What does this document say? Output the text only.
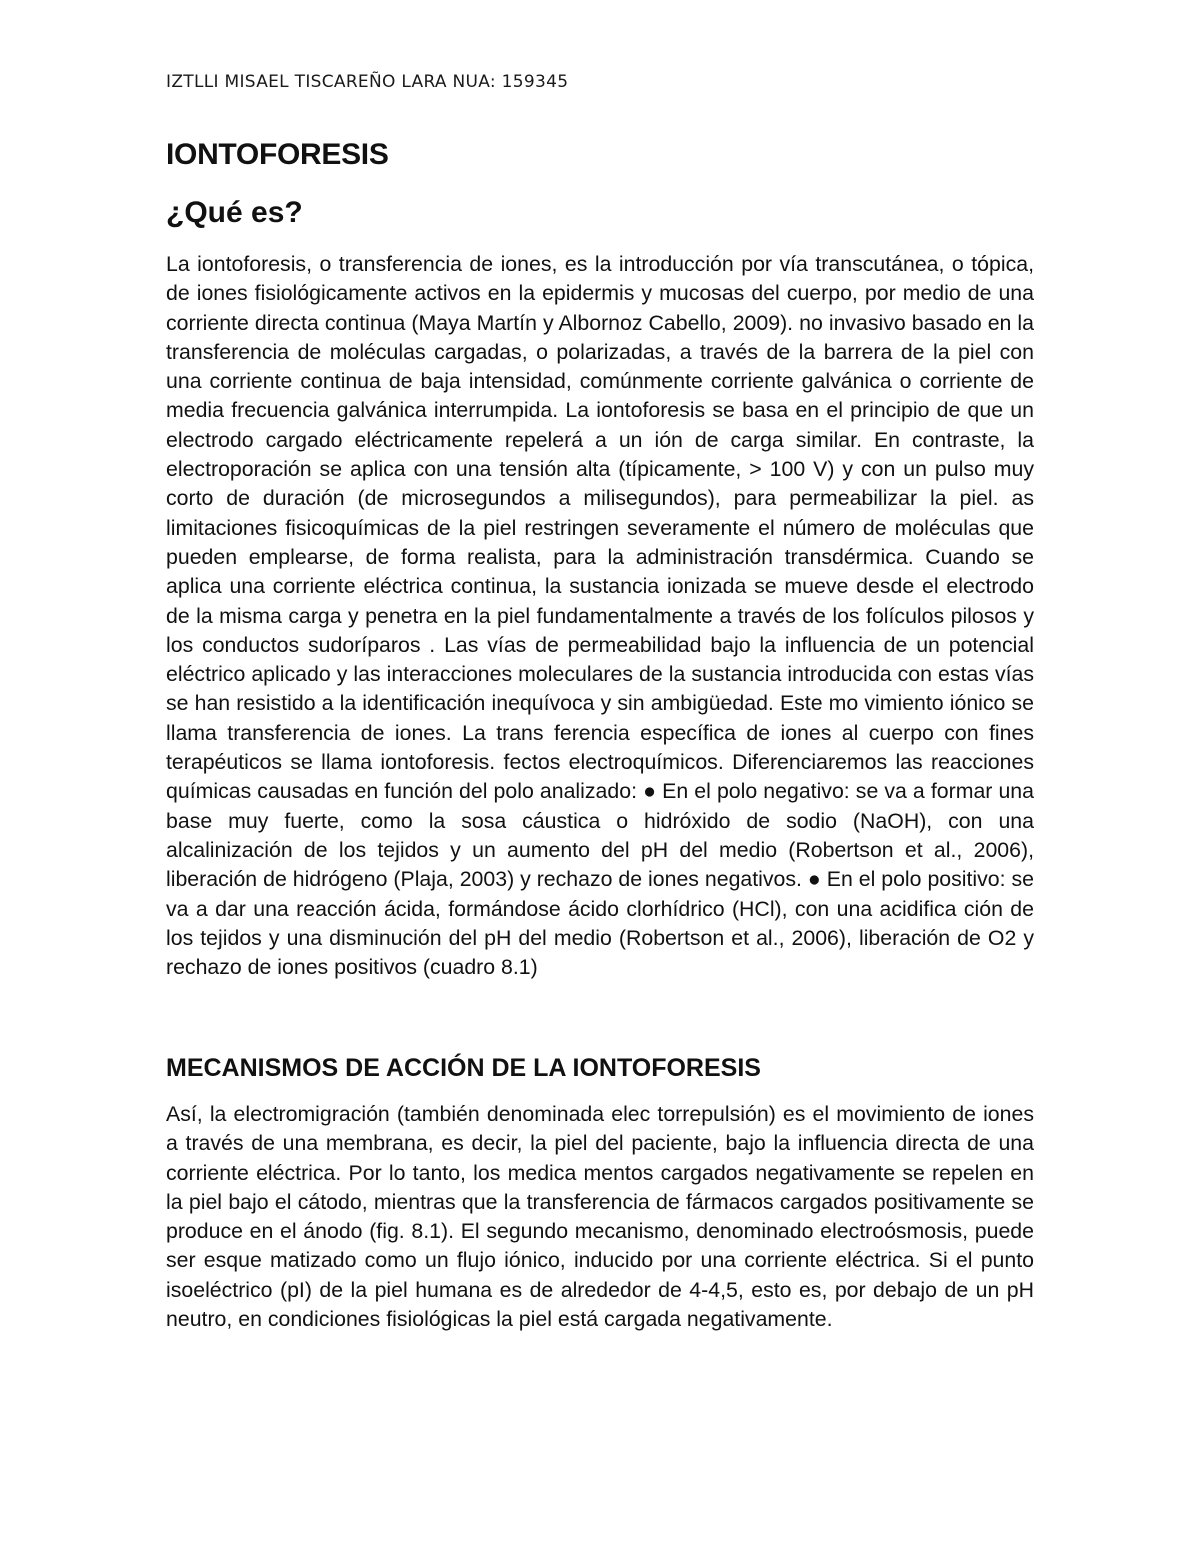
IZTLLI MISAEL TISCAREÑO LARA NUA: 159345
IONTOFORESIS
¿Qué es?

La iontoforesis, o transferencia de iones, es la introducción por vía transcutánea, o tópica, de iones fisiológicamente activos en la epidermis y mucosas del cuerpo, por medio de una corriente directa continua (Maya Martín y Albornoz Cabello, 2009). no invasivo basado en la transferencia de moléculas cargadas, o polarizadas, a través de la barrera de la piel con una corriente continua de baja intensidad, comúnmente corriente galvánica o corriente de media frecuencia galvánica interrumpida. La iontoforesis se basa en el principio de que un electrodo cargado eléctricamente repelerá a un ión de carga similar. En contraste, la electroporación se aplica con una tensión alta (típicamente, > 100 V) y con un pulso muy corto de duración (de microsegundos a milisegundos), para permeabilizar la piel. as limitaciones fisicoquímicas de la piel restringen severamente el número de moléculas que pueden emplearse, de forma realista, para la administración transdérmica. Cuando se aplica una corriente eléctrica continua, la sustancia ionizada se mueve desde el electrodo de la misma carga y penetra en la piel fundamentalmente a través de los folículos pilosos y los conductos sudoríparos . Las vías de permeabilidad bajo la influencia de un potencial eléctrico aplicado y las interacciones moleculares de la sustancia introducida con estas vías se han resistido a la identificación inequívoca y sin ambigüedad. Este mo vimiento iónico se llama transferencia de iones. La trans ferencia específica de iones al cuerpo con fines terapéuticos se llama iontoforesis. fectos electroquímicos. Diferenciaremos las reacciones químicas causadas en función del polo analizado: ● En el polo negativo: se va a formar una base muy fuerte, como la sosa cáustica o hidróxido de sodio (NaOH), con una alcalinización de los tejidos y un aumento del pH del medio (Robertson et al., 2006), liberación de hidrógeno (Plaja, 2003) y rechazo de iones negativos. ● En el polo positivo: se va a dar una reacción ácida, formándose ácido clorhídrico (HCl), con una acidifica ción de los tejidos y una disminución del pH del medio (Robertson et al., 2006), liberación de O2 y rechazo de iones positivos (cuadro 8.1)

MECANISMOS DE ACCIÓN DE LA IONTOFORESIS

Así, la electromigración (también denominada elec torrepulsión) es el movimiento de iones a través de una membrana, es decir, la piel del paciente, bajo la influencia directa de una corriente eléctrica. Por lo tanto, los medica mentos cargados negativamente se repelen en la piel bajo el cátodo, mientras que la transferencia de fármacos cargados positivamente se produce en el ánodo (fig. 8.1). El segundo mecanismo, denominado electroósmosis, puede ser esque matizado como un flujo iónico, inducido por una corriente eléctrica. Si el punto isoeléctrico (pI) de la piel humana es de alrededor de 4-4,5, esto es, por debajo de un pH neutro, en condiciones fisiológicas la piel está cargada negativamente.
